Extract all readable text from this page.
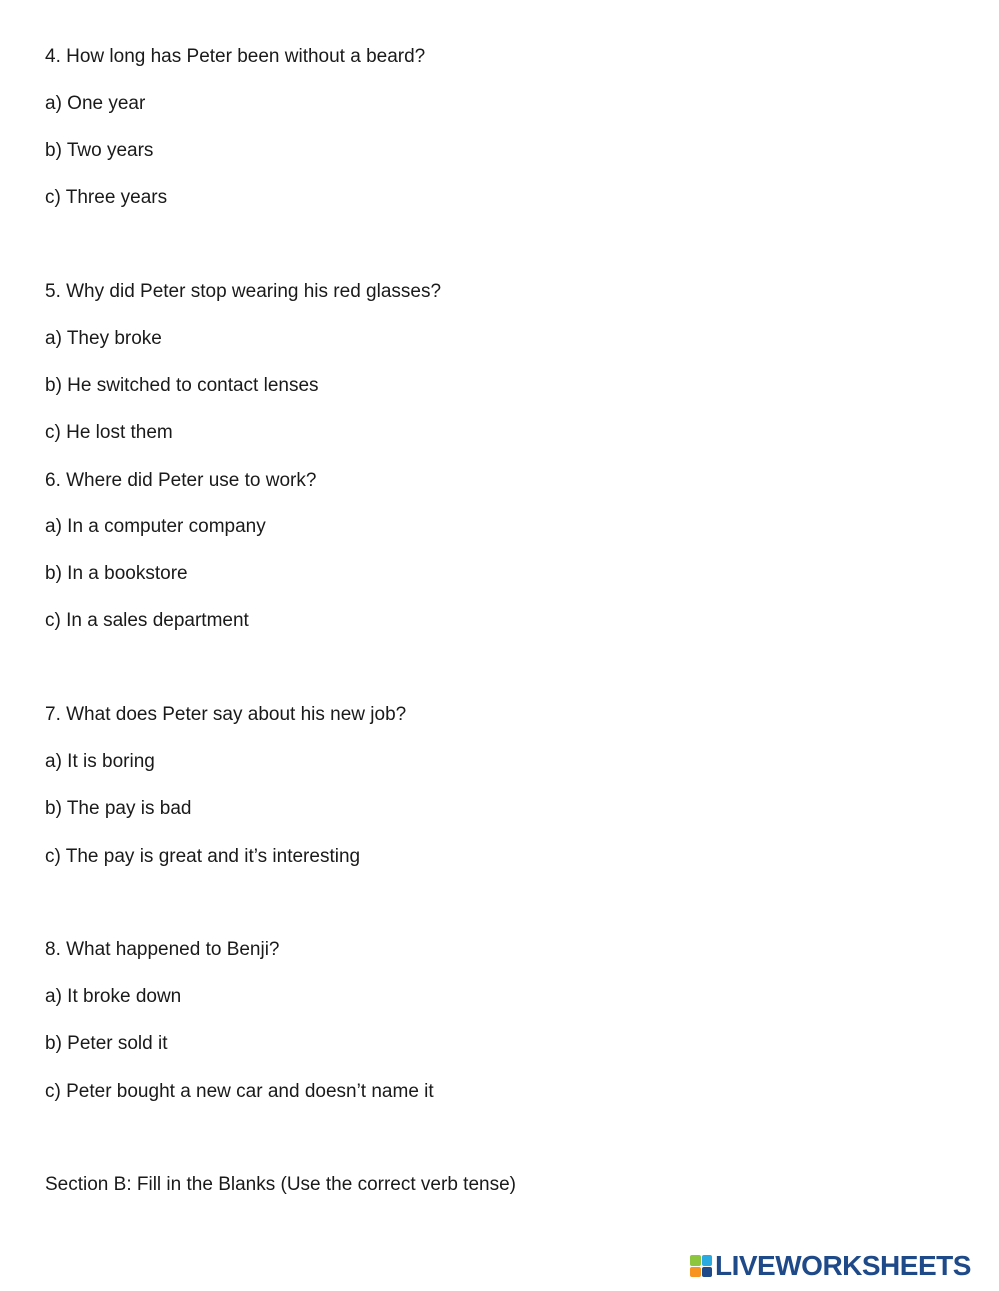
4. How long has Peter been without a beard?
a) One year
b) Two years
c) Three years
5. Why did Peter stop wearing his red glasses?
a) They broke
b) He switched to contact lenses
c) He lost them
6. Where did Peter use to work?
a) In a computer company
b) In a bookstore
c) In a sales department
7. What does Peter say about his new job?
a) It is boring
b) The pay is bad
c) The pay is great and it’s interesting
8. What happened to Benji?
a) It broke down
b) Peter sold it
c) Peter bought a new car and doesn’t name it
Section B: Fill in the Blanks (Use the correct verb tense)
LIVEWORKSHEETS
